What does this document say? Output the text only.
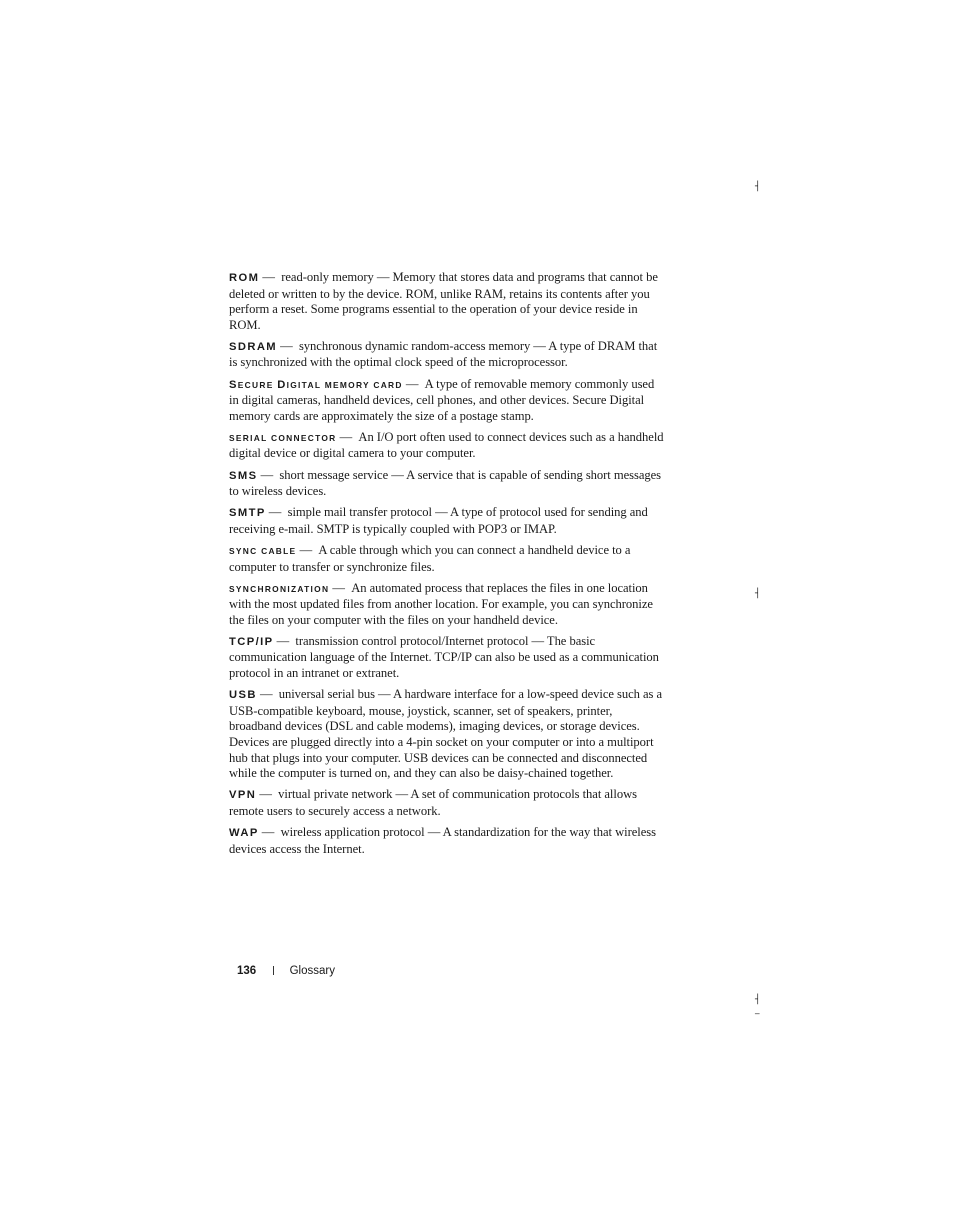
┤
┤
┤
‾

ROM —  read-only memory — Memory that stores data and programs that cannot be deleted or written to by the device. ROM, unlike RAM, retains its contents after you perform a reset. Some programs essential to the operation of your device reside in ROM.

SDRAM —  synchronous dynamic random-access memory — A type of DRAM that is synchronized with the optimal clock speed of the microprocessor.

SECURE DIGITAL MEMORY CARD —  A type of removable memory commonly used in digital cameras, handheld devices, cell phones, and other devices. Secure Digital memory cards are approximately the size of a postage stamp.

SERIAL CONNECTOR —  An I/O port often used to connect devices such as a handheld digital device or digital camera to your computer.

SMS —  short message service — A service that is capable of sending short messages to wireless devices.

SMTP —  simple mail transfer protocol — A type of protocol used for sending and receiving e-mail. SMTP is typically coupled with POP3 or IMAP.

SYNC CABLE —  A cable through which you can connect a handheld device to a computer to transfer or synchronize files.

SYNCHRONIZATION —  An automated process that replaces the files in one location with the most updated files from another location. For example, you can synchronize the files on your computer with the files on your handheld device.

TCP/IP —  transmission control protocol/Internet protocol — The basic communication language of the Internet. TCP/IP can also be used as a communication protocol in an intranet or extranet.

USB —  universal serial bus — A hardware interface for a low-speed device such as a USB-compatible keyboard, mouse, joystick, scanner, set of speakers, printer, broadband devices (DSL and cable modems), imaging devices, or storage devices. Devices are plugged directly into a 4-pin socket on your computer or into a multiport hub that plugs into your computer. USB devices can be connected and disconnected while the computer is turned on, and they can also be daisy-chained together.

VPN —  virtual private network — A set of communication protocols that allows remote users to securely access a network.

WAP —  wireless application protocol — A standardization for the way that wireless devices access the Internet.

136	Glossary
